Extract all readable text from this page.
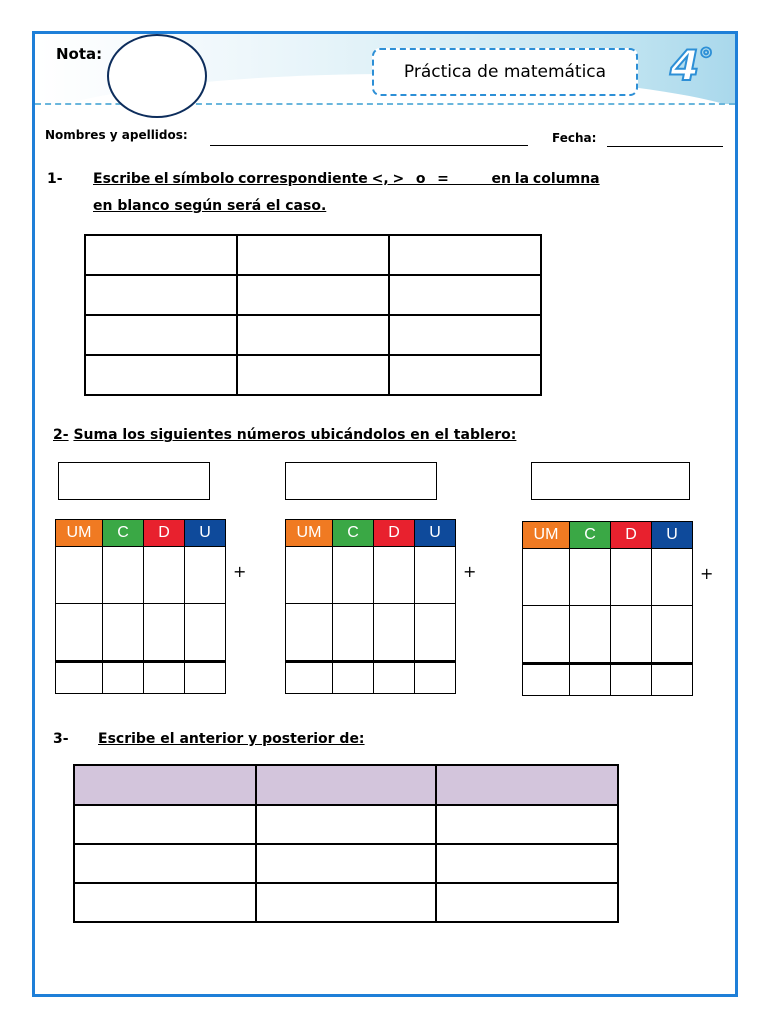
Nota:
Práctica de matemática 4 ◎
Nombres y apellidos:	Fecha:
1- Escribe el símbolo correspondiente <, >   o   =           en la columna
en blanco según será el caso.

2- Suma los siguientes números ubicándolos en el tablero:
UM	C	D	U

+
UM	C	D	U

+
UM	C	D	U

+
3- Escribe el anterior y posterior de:
